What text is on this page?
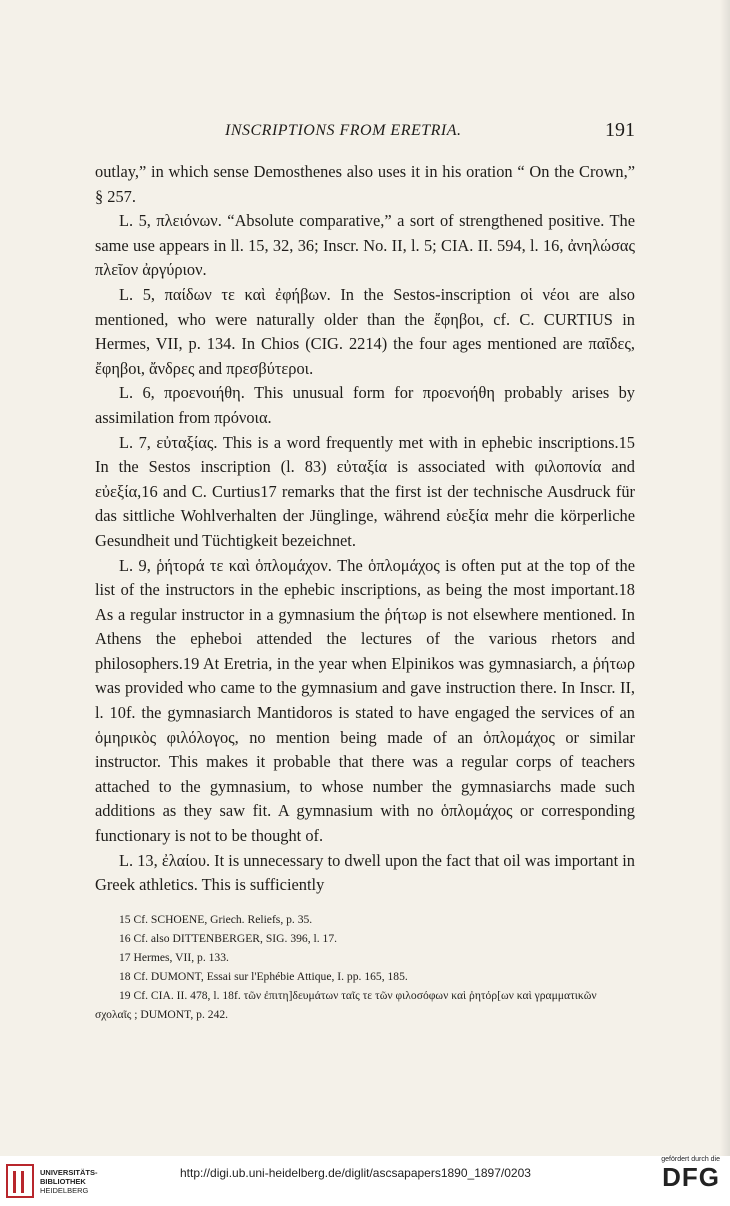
INSCRIPTIONS FROM ERETRIA.	191

outlay,” in which sense Demosthenes also uses it in his oration “ On the Crown,” § 257.

L. 5, πλειόνων. “Absolute comparative,” a sort of strengthened positive. The same use appears in ll. 15, 32, 36; Inscr. No. II, l. 5; CIA. II. 594, l. 16, ἀνηλώσας πλεῖον ἀργύριον.

L. 5, παίδων τε καὶ ἐφήβων. In the Sestos-inscription οἱ νέοι are also mentioned, who were naturally older than the ἔφηβοι, cf. C. CURTIUS in Hermes, VII, p. 134. In Chios (CIG. 2214) the four ages mentioned are παῖδες, ἔφηβοι, ἄνδρες and πρεσβύτεροι.

L. 6, προενοιήθη. This unusual form for προενοήθη probably arises by assimilation from πρόνοια.

L. 7, εὐταξίας. This is a word frequently met with in ephebic inscriptions.15 In the Sestos inscription (l. 83) εὐταξία is associated with φιλοπονία and εὐεξία,16 and C. Curtius17 remarks that the first ist der technische Ausdruck für das sittliche Wohlverhalten der Jünglinge, während εὐεξία mehr die körperliche Gesundheit und Tüchtigkeit bezeichnet.

L. 9, ῥήτορά τε καὶ ὁπλομάχον. The ὁπλομάχος is often put at the top of the list of the instructors in the ephebic inscriptions, as being the most important.18 As a regular instructor in a gymnasium the ῥήτωρ is not elsewhere mentioned. In Athens the epheboi attended the lectures of the various rhetors and philosophers.19 At Eretria, in the year when Elpinikos was gymnasiarch, a ῥήτωρ was provided who came to the gymnasium and gave instruction there. In Inscr. II, l. 10f. the gymnasiarch Mantidoros is stated to have engaged the services of an ὁμηρικὸς φιλόλογος, no mention being made of an ὁπλομάχος or similar instructor. This makes it probable that there was a regular corps of teachers attached to the gymnasium, to whose number the gymnasiarchs made such additions as they saw fit. A gymnasium with no ὁπλομάχος or corresponding functionary is not to be thought of.

L. 13, ἐλαίου. It is unnecessary to dwell upon the fact that oil was important in Greek athletics. This is sufficiently

15 Cf. SCHOENE, Griech. Reliefs, p. 35.
16 Cf. also DITTENBERGER, SIG. 396, l. 17.
17 Hermes, VII, p. 133.
18 Cf. DUMONT, Essai sur l'Ephébie Attique, I. pp. 165, 185.
19 Cf. CIA. II. 478, l. 18f. τῶν ἐπιτη]δευμάτων ταῖς τε τῶν φιλοσόφων καὶ ῥητόρ[ων καὶ γραμματικῶν σχολαῖς ; DUMONT, p. 242.
UNIVERSITÄTS-
BIBLIOTHEK
HEIDELBERG
http://digi.ub.uni-heidelberg.de/diglit/ascsapapers1890_1897/0203
gefördert durch die
DFG
